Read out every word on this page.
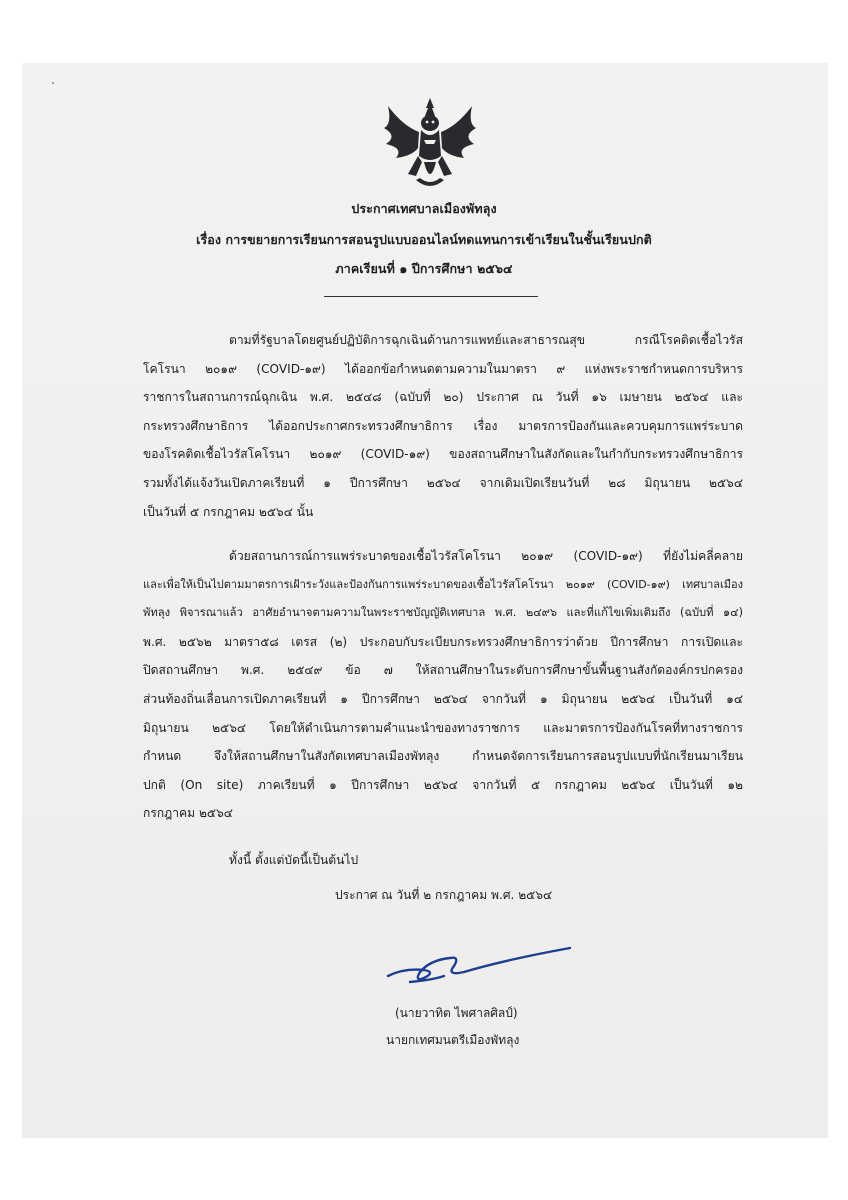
ประกาศเทศบาลเมืองพัทลุง
เรื่อง การขยายการเรียนการสอนรูปแบบออนไลน์ทดแทนการเข้าเรียนในชั้นเรียนปกติ
ภาคเรียนที่ ๑ ปีการศึกษา ๒๕๖๔
ตามที่รัฐบาลโดยศูนย์ปฏิบัติการฉุกเฉินด้านการแพทย์และสาธารณสุข กรณีโรคติดเชื้อไวรัส
โคโรนา ๒๐๑๙ (COVID-๑๙) ได้ออกข้อกำหนดตามความในมาตรา ๙ แห่งพระราชกำหนดการบริหาร
ราชการในสถานการณ์ฉุกเฉิน พ.ศ. ๒๕๔๘ (ฉบับที่ ๒๐) ประกาศ ณ วันที่ ๑๖ เมษายน ๒๕๖๔ และ
กระทรวงศึกษาธิการ ได้ออกประกาศกระทรวงศึกษาธิการ เรื่อง มาตรการป้องกันและควบคุมการแพร่ระบาด
ของโรคติดเชื้อไวรัสโคโรนา ๒๐๑๙ (COVID-๑๙) ของสถานศึกษาในสังกัดและในกำกับกระทรวงศึกษาธิการ
รวมทั้งได้แจ้งวันเปิดภาคเรียนที่ ๑ ปีการศึกษา ๒๕๖๔ จากเดิมเปิดเรียนวันที่ ๒๘ มิถุนายน ๒๕๖๔
เป็นวันที่ ๕ กรกฎาคม ๒๕๖๔ นั้น
ด้วยสถานการณ์การแพร่ระบาดของเชื้อไวรัสโคโรนา ๒๐๑๙ (COVID-๑๙) ที่ยังไม่คลี่คลาย
และเพื่อให้เป็นไปตามมาตรการเฝ้าระวังและป้องกันการแพร่ระบาดของเชื้อไวรัสโคโรนา ๒๐๑๙ (COVID-๑๙) เทศบาลเมือง
พัทลุง พิจารณาแล้ว อาศัยอำนาจตามความในพระราชบัญญัติเทศบาล พ.ศ. ๒๔๙๖ และที่แก้ไขเพิ่มเติมถึง (ฉบับที่ ๑๔)
พ.ศ. ๒๕๖๒ มาตรา๕๘ เตรส (๒) ประกอบกับระเบียบกระทรวงศึกษาธิการว่าด้วย ปีการศึกษา การเปิดและ
ปิดสถานศึกษา พ.ศ. ๒๕๔๙ ข้อ ๗ ให้สถานศึกษาในระดับการศึกษาขั้นพื้นฐานสังกัดองค์กรปกครอง
ส่วนท้องถิ่นเลื่อนการเปิดภาคเรียนที่ ๑ ปีการศึกษา ๒๕๖๔ จากวันที่ ๑ มิถุนายน ๒๕๖๔ เป็นวันที่ ๑๔
มิถุนายน ๒๕๖๔ โดยให้ดำเนินการตามคำแนะนำของทางราชการ และมาตรการป้องกันโรคที่ทางราชการ
กำหนด จึงให้สถานศึกษาในสังกัดเทศบาลเมืองพัทลุง กำหนดจัดการเรียนการสอนรูปแบบที่นักเรียนมาเรียน
ปกติ (On site) ภาคเรียนที่ ๑ ปีการศึกษา ๒๕๖๔ จากวันที่ ๕ กรกฎาคม ๒๕๖๔ เป็นวันที่ ๑๒
กรกฎาคม ๒๕๖๔
ทั้งนี้ ตั้งแต่บัดนี้เป็นต้นไป
ประกาศ ณ วันที่ ๒ กรกฎาคม พ.ศ. ๒๕๖๔
(นายวาทิต ไพศาลศิลป์)
นายกเทศมนตรีเมืองพัทลุง
